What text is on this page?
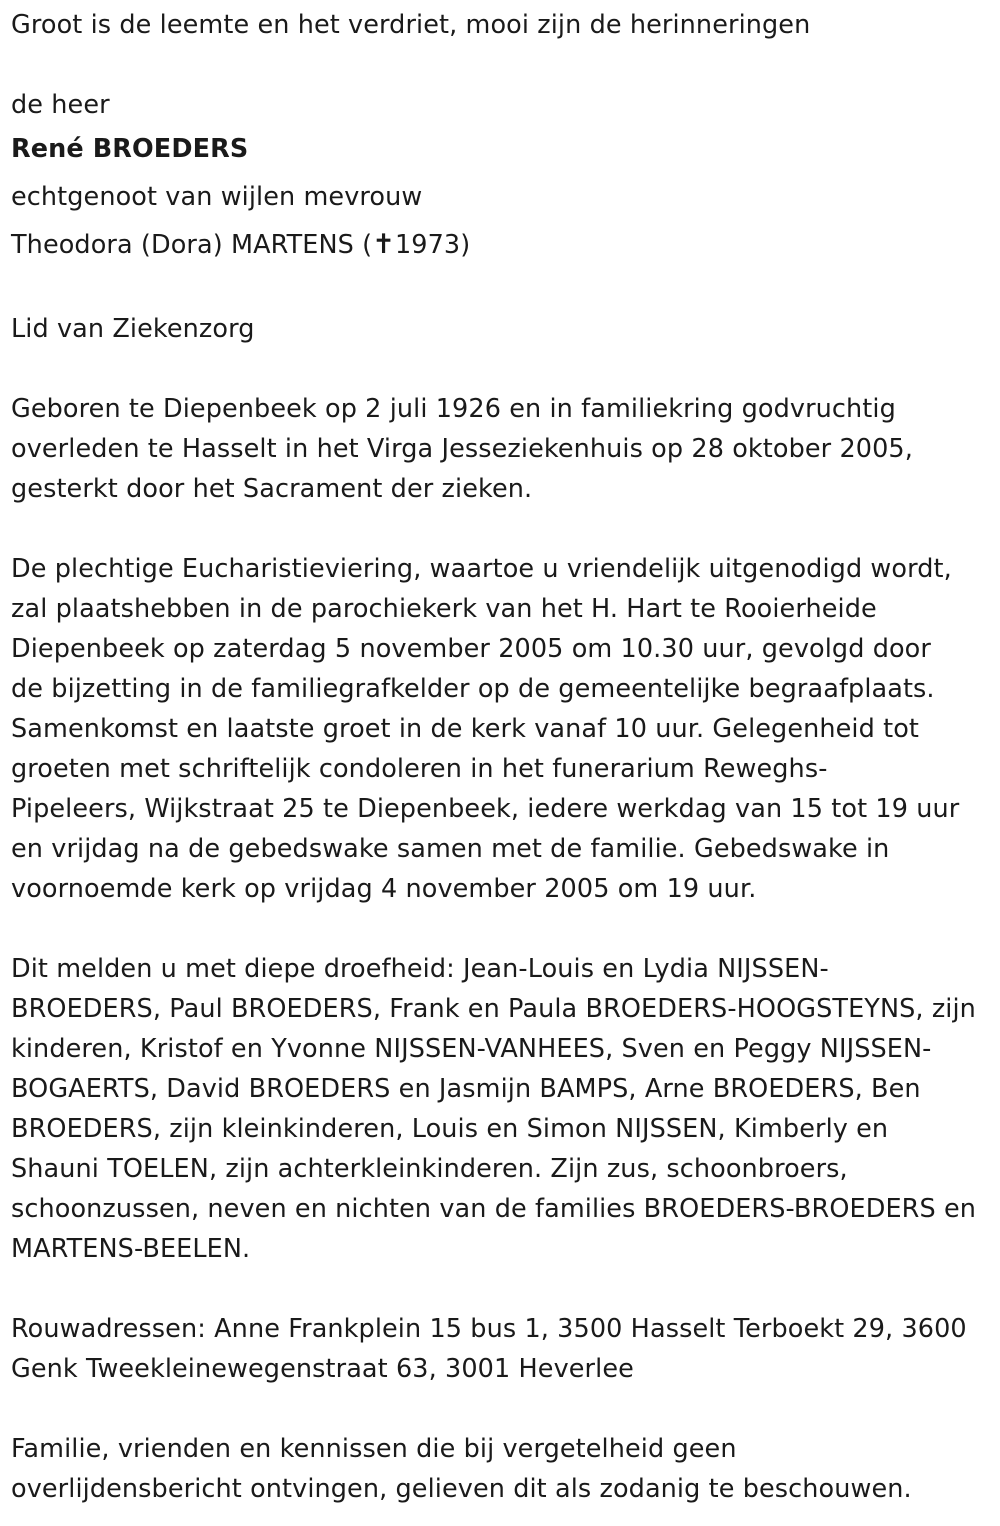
Groot is de leemte en het verdriet, mooi zijn de herinneringen

de heer

René BROEDERS

echtgenoot van wijlen mevrouw

Theodora (Dora) MARTENS (✝1973)

Lid van Ziekenzorg

Geboren te Diepenbeek op 2 juli 1926 en in familiekring godvruchtig

overleden te Hasselt in het Virga Jesseziekenhuis op 28 oktober 2005,

gesterkt door het Sacrament der zieken.

De plechtige Eucharistieviering, waartoe u vriendelijk uitgenodigd wordt,

zal plaatshebben in de parochiekerk van het H. Hart te Rooierheide

Diepenbeek op zaterdag 5 november 2005 om 10.30 uur, gevolgd door

de bijzetting in de familiegrafkelder op de gemeentelijke begraafplaats.

Samenkomst en laatste groet in de kerk vanaf 10 uur. Gelegenheid tot

groeten met schriftelijk condoleren in het funerarium Reweghs-

Pipeleers, Wijkstraat 25 te Diepenbeek, iedere werkdag van 15 tot 19 uur

en vrijdag na de gebedswake samen met de familie. Gebedswake in

voornoemde kerk op vrijdag 4 november 2005 om 19 uur.

Dit melden u met diepe droefheid: Jean-Louis en Lydia NIJSSEN-

BROEDERS, Paul BROEDERS, Frank en Paula BROEDERS-HOOGSTEYNS, zijn

kinderen, Kristof en Yvonne NIJSSEN-VANHEES, Sven en Peggy NIJSSEN-

BOGAERTS, David BROEDERS en Jasmijn BAMPS, Arne BROEDERS, Ben

BROEDERS, zijn kleinkinderen, Louis en Simon NIJSSEN, Kimberly en

Shauni TOELEN, zijn achterkleinkinderen. Zijn zus, schoonbroers,

schoonzussen, neven en nichten van de families BROEDERS-BROEDERS en

MARTENS-BEELEN.

Rouwadressen: Anne Frankplein 15 bus 1, 3500 Hasselt Terboekt 29, 3600

Genk Tweekleinewegenstraat 63, 3001 Heverlee

Familie, vrienden en kennissen die bij vergetelheid geen

overlijdensbericht ontvingen, gelieven dit als zodanig te beschouwen.
